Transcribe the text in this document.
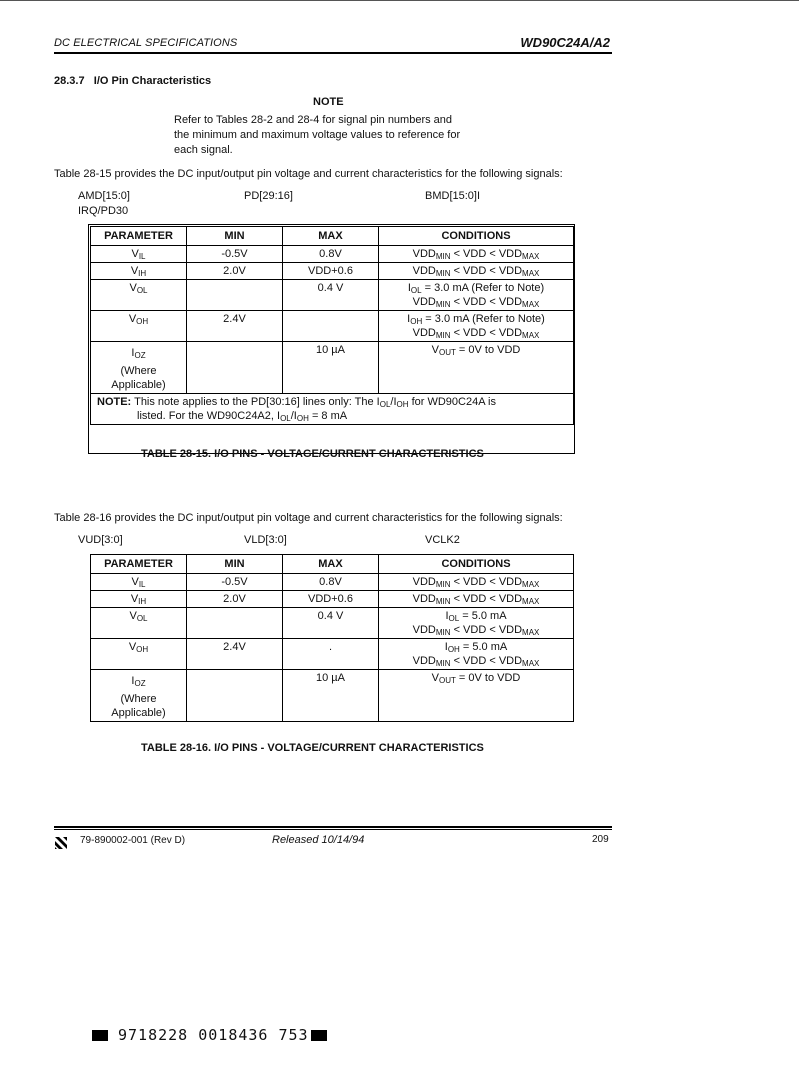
DC ELECTRICAL SPECIFICATIONS	WD90C24A/A2
28.3.7 I/O Pin Characteristics
NOTE
Refer to Tables 28-2 and 28-4 for signal pin numbers and
the minimum and maximum voltage values to reference for
each signal.
Table 28-15 provides the DC input/output pin voltage and current characteristics for the following signals:
AMD[15:0]	PD[29:16]	BMD[15:0]I
IRQ/PD30
PARAMETER	MIN	MAX	CONDITIONS
$V_{IL}$	-0.5V	0.8V	$VDD_{MIN}$ < VDD < $VDD_{MAX}$
$V_{IH}$	2.0V	VDD+0.6	$VDD_{MIN}$ < VDD < $VDD_{MAX}$
$V_{OL}$		0.4 V	$I_{OL} = 3.0$ mA (Refer to Note)
$VDD_{MIN}$ < VDD < $VDD_{MAX}$
$V_{OH}$	2.4V		$I_{OH} = 3.0$ mA (Refer to Note)
$VDD_{MIN}$ < VDD < $VDD_{MAX}$
$I_{OZ}$
(Where Applicable)		10 µA	$V_{OUT} = 0V$ to VDD
NOTE: This note applies to the PD[30:16] lines only: The $I_{OL}/I_{OH}$ for WD90C24A is
listed. For the WD90C24A2, $I_{OL}/I_{OH} = 8$ mA			
TABLE 28-15. I/O PINS - VOLTAGE/CURRENT CHARACTERISTICS
Table 28-16 provides the DC input/output pin voltage and current characteristics for the following signals:
VUD[3:0]	VLD[3:0]	VCLK2
PARAMETER	MIN	MAX	CONDITIONS
$V_{IL}$	-0.5V	0.8V	$VDD_{MIN}$ < VDD < $VDD_{MAX}$
$V_{IH}$	2.0V	VDD+0.6	$VDD_{MIN}$ < VDD < $VDD_{MAX}$
$V_{OL}$		0.4 V	$I_{OL} = 5.0$ mA
$VDD_{MIN}$ < VDD < $VDD_{MAX}$
$V_{OH}$	2.4V	.	$I_{OH} = 5.0$ mA
$VDD_{MIN}$ < VDD < $VDD_{MAX}$
$I_{OZ}$
(Where Applicable)		10 µA	$V_{OUT} = 0V$ to VDD
TABLE 28-16. I/O PINS - VOLTAGE/CURRENT CHARACTERISTICS
79-890002-001 (Rev D)	Released 10/14/94	209
9718228 0018436 753
